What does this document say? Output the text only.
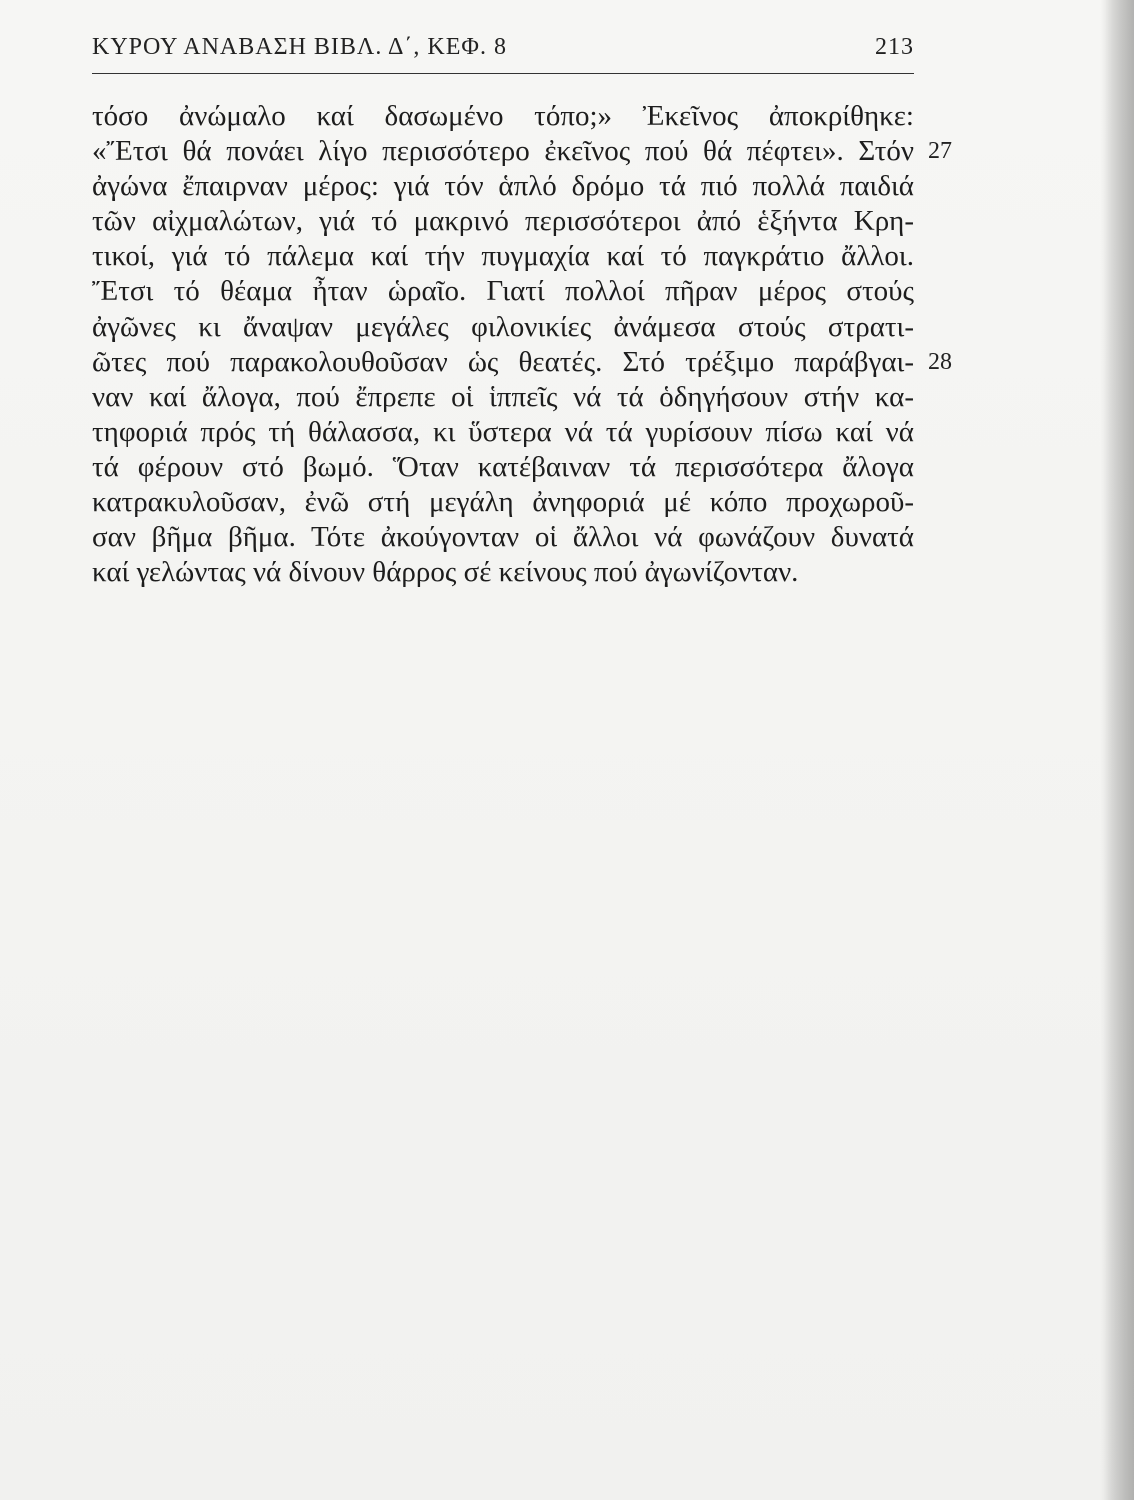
ΚΥΡΟΥ ΑΝΑΒΑΣΗ ΒΙΒΛ. Δ΄, ΚΕΦ. 8	213
τόσο ἀνώμαλο καί δασωμένο τόπο;» Ἐκεῖνος ἀποκρίθηκε:
«Ἔτσι θά πονάει λίγο περισσότερο ἐκεῖνος πού θά πέφτει». Στόν 27
ἀγώνα ἔπαιρναν μέρος: γιά τόν ἁπλό δρόμο τά πιό πολλά παιδιά
τῶν αἰχμαλώτων, γιά τό μακρινό περισσότεροι ἀπό ἑξήντα Κρη-
τικοί, γιά τό πάλεμα καί τήν πυγμαχία καί τό παγκράτιο ἄλλοι.
Ἔτσι τό θέαμα ἦταν ὡραῖο. Γιατί πολλοί πῆραν μέρος στούς
ἀγῶνες κι ἄναψαν μεγάλες φιλονικίες ἀνάμεσα στούς στρατι-
ῶτες πού παρακολουθοῦσαν ὡς θεατές. Στό τρέξιμο παράβγαι- 28
ναν καί ἄλογα, πού ἔπρεπε οἱ ἱππεῖς νά τά ὁδηγήσουν στήν κα-
τηφοριά πρός τή θάλασσα, κι ὕστερα νά τά γυρίσουν πίσω καί νά
τά φέρουν στό βωμό. Ὅταν κατέβαιναν τά περισσότερα ἄλογα
κατρακυλοῦσαν, ἐνῶ στή μεγάλη ἀνηφοριά μέ κόπο προχωροῦ-
σαν βῆμα βῆμα. Τότε ἀκούγονταν οἱ ἄλλοι νά φωνάζουν δυνατά
καί γελώντας νά δίνουν θάρρος σέ κείνους πού ἀγωνίζονταν.
